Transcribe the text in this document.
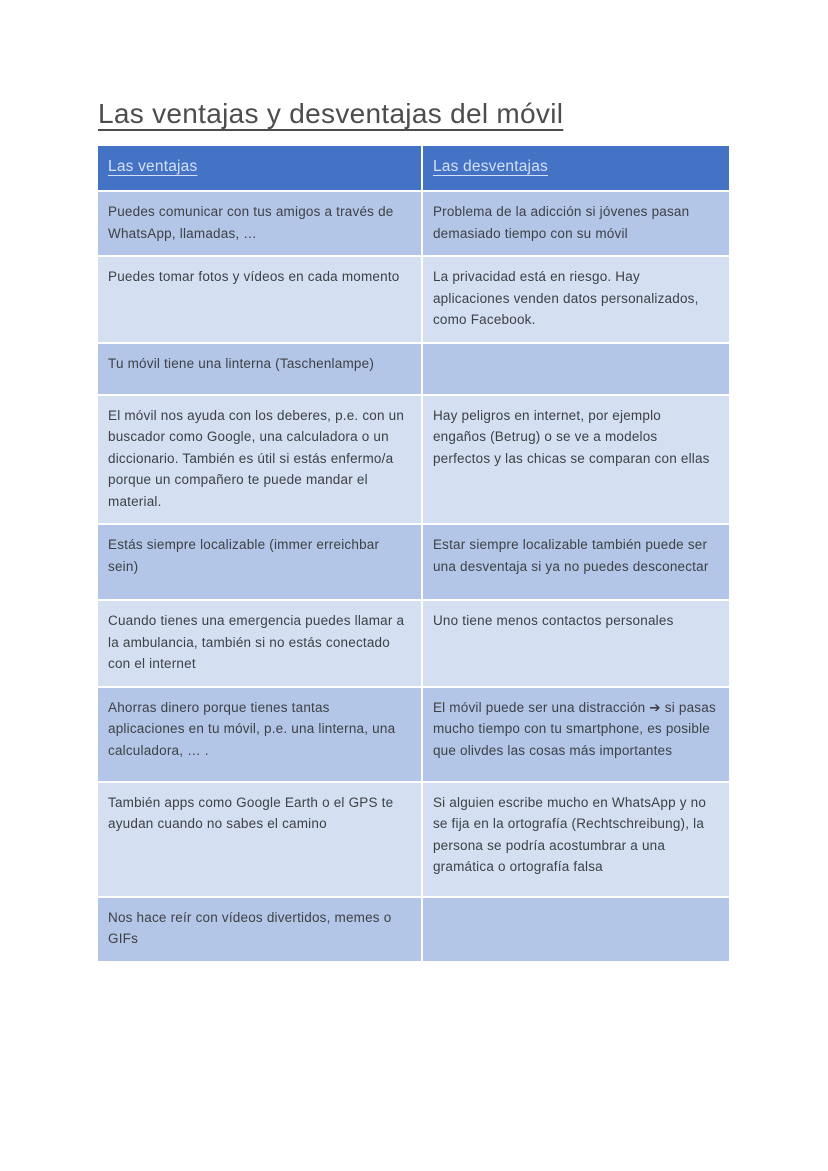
Las ventajas y desventajas del móvil
Las ventajas	Las desventajas
Puedes comunicar con tus amigos a través de WhatsApp, llamadas, …
Problema de la adicción si jóvenes pasan demasiado tiempo con su móvil
Puedes tomar fotos y vídeos en cada momento	La privacidad está en riesgo. Hay aplicaciones venden datos personalizados, como Facebook.
Tu móvil tiene una linterna (Taschenlampe)
El móvil nos ayuda con los deberes, p.e. con un buscador como Google, una calculadora o un diccionario. También es útil si estás enfermo/a porque un compañero te puede mandar el material.
Hay peligros en internet, por ejemplo engaños (Betrug) o se ve a modelos perfectos y las chicas se comparan con ellas
Estás siempre localizable (immer erreichbar sein)
Estar siempre localizable también puede ser una desventaja si ya no puedes desconectar
Cuando tienes una emergencia puedes llamar a la ambulancia, también si no estás conectado con el internet
Uno tiene menos contactos personales
Ahorras dinero porque tienes tantas aplicaciones en tu móvil, p.e. una linterna, una calculadora, … .
El móvil puede ser una distracción ➔ si pasas mucho tiempo con tu smartphone, es posible que olivdes las cosas más importantes
También apps como Google Earth o el GPS te ayudan cuando no sabes el camino
Si alguien escribe mucho en WhatsApp y no se fija en la ortografía (Rechtschreibung), la persona se podría acostumbrar a una gramática o ortografía falsa
Nos hace reír con vídeos divertidos, memes o GIFs
